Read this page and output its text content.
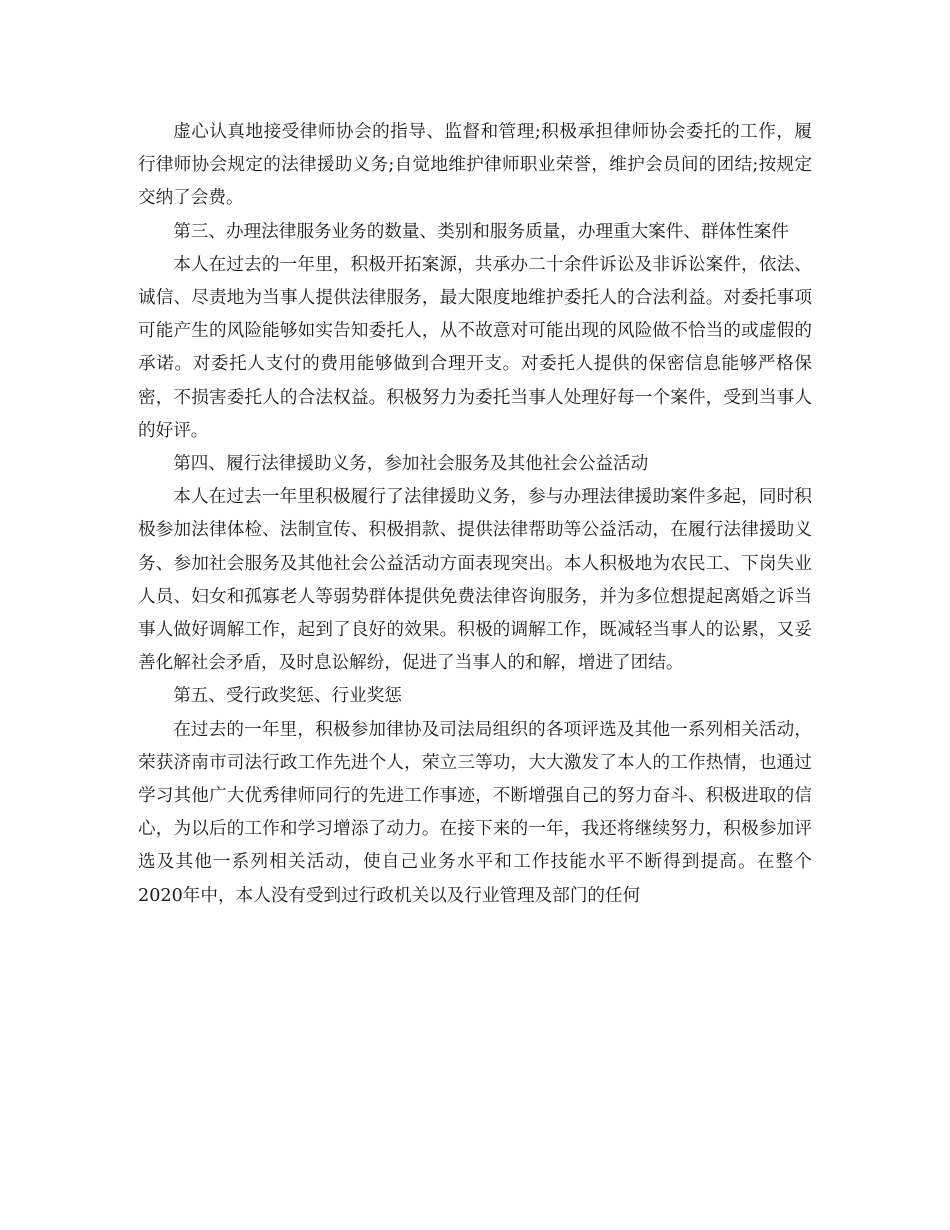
虚心认真地接受律师协会的指导、监督和管理;积极承担律师协会委托的工作，履行律师协会规定的法律援助义务;自觉地维护律师职业荣誉，维护会员间的团结;按规定交纳了会费。

第三、办理法律服务业务的数量、类别和服务质量，办理重大案件、群体性案件

本人在过去的一年里，积极开拓案源，共承办二十余件诉讼及非诉讼案件，依法、诚信、尽责地为当事人提供法律服务，最大限度地维护委托人的合法利益。对委托事项可能产生的风险能够如实告知委托人，从不故意对可能出现的风险做不恰当的或虚假的承诺。对委托人支付的费用能够做到合理开支。对委托人提供的保密信息能够严格保密，不损害委托人的合法权益。积极努力为委托当事人处理好每一个案件，受到当事人的好评。

第四、履行法律援助义务，参加社会服务及其他社会公益活动

本人在过去一年里积极履行了法律援助义务，参与办理法律援助案件多起，同时积极参加法律体检、法制宣传、积极捐款、提供法律帮助等公益活动，在履行法律援助义务、参加社会服务及其他社会公益活动方面表现突出。本人积极地为农民工、下岗失业人员、妇女和孤寡老人等弱势群体提供免费法律咨询服务，并为多位想提起离婚之诉当事人做好调解工作，起到了良好的效果。积极的调解工作，既减轻当事人的讼累，又妥善化解社会矛盾，及时息讼解纷，促进了当事人的和解，增进了团结。

第五、受行政奖惩、行业奖惩

在过去的一年里，积极参加律协及司法局组织的各项评选及其他一系列相关活动，荣获济南市司法行政工作先进个人，荣立三等功，大大激发了本人的工作热情，也通过学习其他广大优秀律师同行的先进工作事迹，不断增强自己的努力奋斗、积极进取的信心，为以后的工作和学习增添了动力。在接下来的一年，我还将继续努力，积极参加评选及其他一系列相关活动，使自己业务水平和工作技能水平不断得到提高。在整个2020年中，本人没有受到过行政机关以及行业管理及部门的任何
